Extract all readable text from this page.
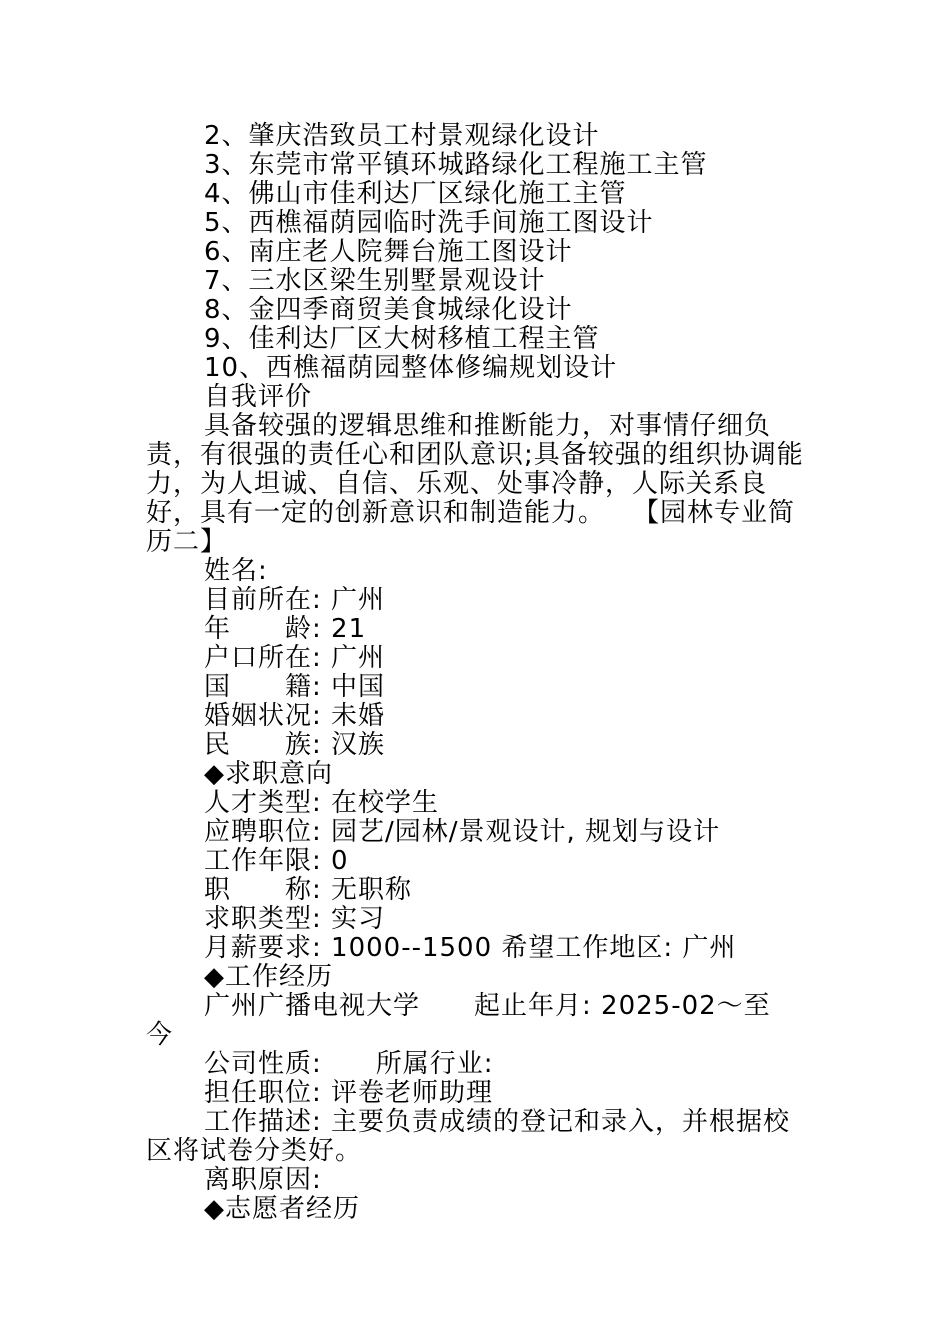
2、肇庆浩致员工村景观绿化设计
3、东莞市常平镇环城路绿化工程施工主管
4、佛山市佳利达厂区绿化施工主管
5、西樵福荫园临时洗手间施工图设计
6、南庄老人院舞台施工图设计
7、三水区梁生别墅景观设计
8、金四季商贸美食城绿化设计
9、佳利达厂区大树移植工程主管
10、西樵福荫园整体修编规划设计
自我评价
具备较强的逻辑思维和推断能力，对事情仔细负责，有很强的责任心和团队意识;具备较强的组织协调能力，为人坦诚、自信、乐观、处事冷静，人际关系良好，具有一定的创新意识和制造能力。　　【园林专业简历二】
姓名:
目前所在: 广州
年　　龄: 21
户口所在: 广州
国　　籍: 中国
婚姻状况: 未婚
民　　族: 汉族
◆求职意向
人才类型: 在校学生
应聘职位: 园艺/园林/景观设计, 规划与设计
工作年限: 0
职　　称: 无职称
求职类型: 实习
月薪要求: 1000--1500 希望工作地区: 广州
◆工作经历
广州广播电视大学　　起止年月: 2025-02～至
今
公司性质:　　所属行业:
担任职位: 评卷老师助理
工作描述: 主要负责成绩的登记和录入，并根据校区将试卷分类好。
离职原因:
◆志愿者经历
